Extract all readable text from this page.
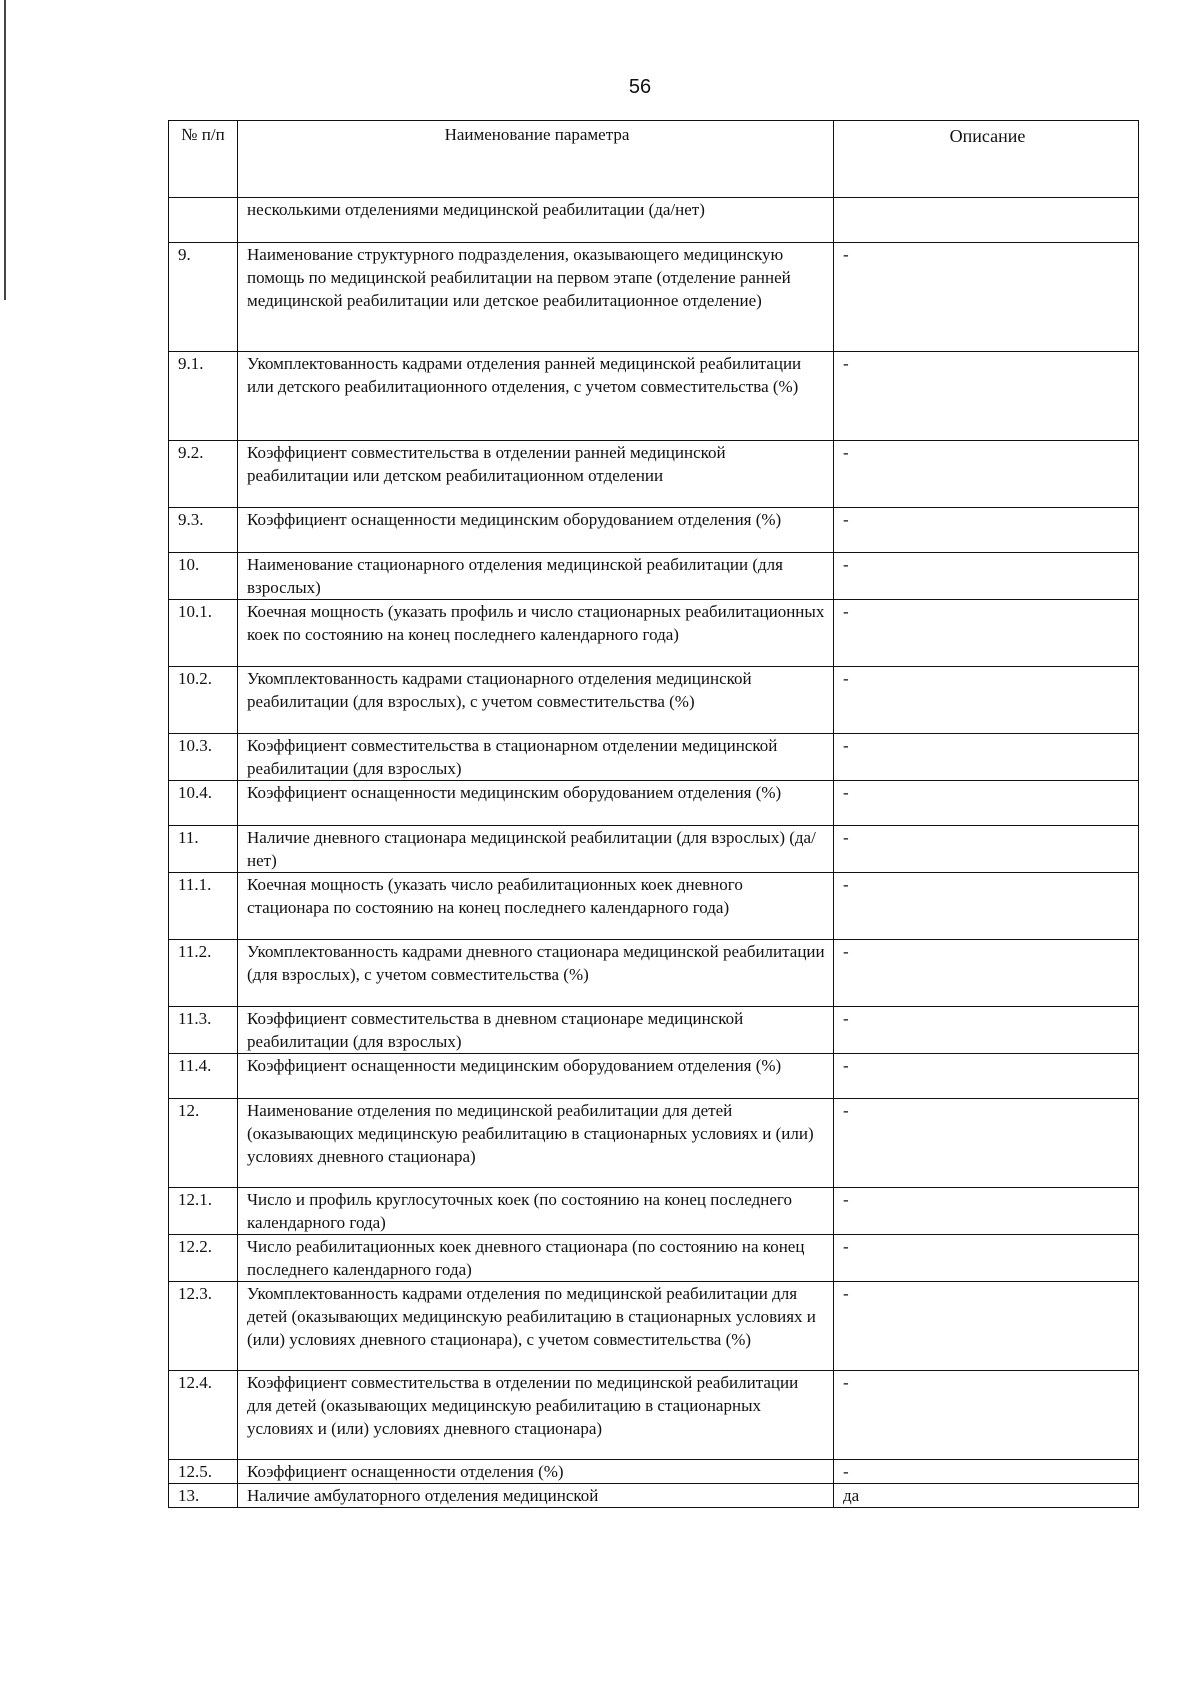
56
№ п/п	Наименование параметра	Описание
	несколькими отделениями медицинской реабилитации (да/нет)	
9.	Наименование структурного подразделения, оказывающего медицинскую помощь по медицинской реабилитации на первом этапе (отделение ранней медицинской реабилитации или детское реабилитационное отделение)	-
9.1.	Укомплектованность кадрами отделения ранней медицинской реабилитации или детского реабилитационного отделения, с учетом совместительства (%)	-
9.2.	Коэффициент совместительства в отделении ранней медицинской реабилитации или детском реабилитационном отделении	-
9.3.	Коэффициент оснащенности медицинским оборудованием отделения (%)	-
10.	Наименование стационарного отделения медицинской реабилитации (для взрослых)	-
10.1.	Коечная мощность (указать профиль и число стационарных реабилитационных коек по состоянию на конец последнего календарного года)	-
10.2.	Укомплектованность кадрами стационарного отделения медицинской реабилитации (для взрослых), с учетом совместительства (%)	-
10.3.	Коэффициент совместительства в стационарном отделении медицинской реабилитации (для взрослых)	-
10.4.	Коэффициент оснащенности медицинским оборудованием отделения (%)	-
11.	Наличие дневного стационара медицинской реабилитации (для взрослых) (да/нет)	-
11.1.	Коечная мощность (указать число реабилитационных коек дневного стационара по состоянию на конец последнего календарного года)	-
11.2.	Укомплектованность кадрами дневного стационара медицинской реабилитации (для взрослых), с учетом совместительства (%)	-
11.3.	Коэффициент совместительства в дневном стационаре медицинской реабилитации (для взрослых)	-
11.4.	Коэффициент оснащенности медицинским оборудованием отделения (%)	-
12.	Наименование отделения по медицинской реабилитации для детей (оказывающих медицинскую реабилитацию в стационарных условиях и (или) условиях дневного стационара)	-
12.1.	Число и профиль круглосуточных коек (по состоянию на конец последнего календарного года)	-
12.2.	Число реабилитационных коек дневного стационара (по состоянию на конец последнего календарного года)	-
12.3.	Укомплектованность кадрами отделения по медицинской реабилитации для детей (оказывающих медицинскую реабилитацию в стационарных условиях и (или) условиях дневного стационара), с учетом совместительства (%)	-
12.4.	Коэффициент совместительства в отделении по медицинской реабилитации для детей (оказывающих медицинскую реабилитацию в стационарных условиях и (или) условиях дневного стационара)	-
12.5.	Коэффициент оснащенности отделения (%)	-
13.	Наличие амбулаторного отделения медицинской	да
